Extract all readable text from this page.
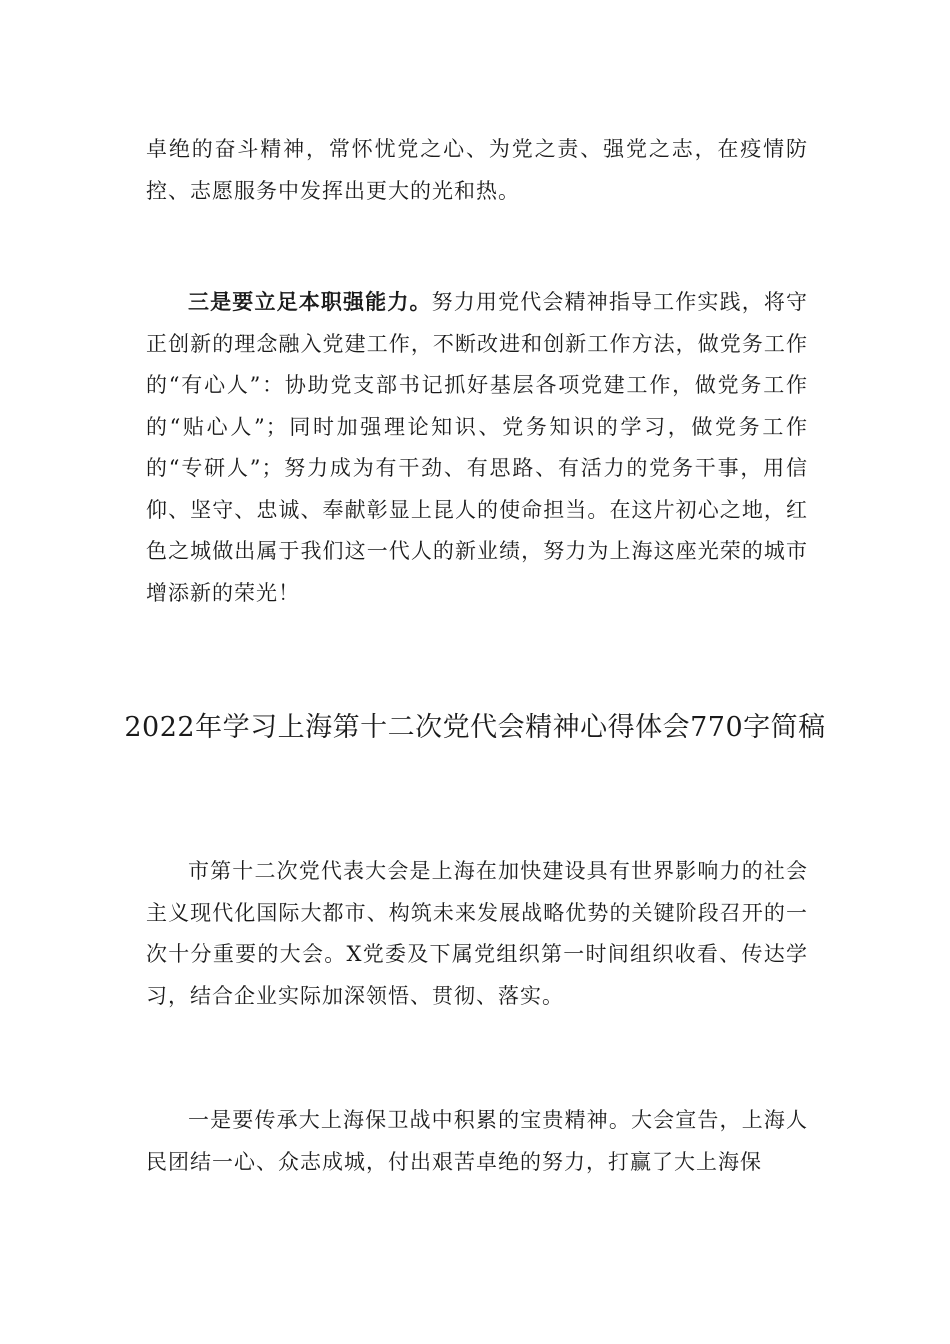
卓绝的奋斗精神，常怀忧党之心、为党之责、强党之志，在疫情防控、志愿服务中发挥出更大的光和热。

三是要立足本职强能力。努力用党代会精神指导工作实践，将守正创新的理念融入党建工作，不断改进和创新工作方法，做党务工作的“有心人”：协助党支部书记抓好基层各项党建工作，做党务工作的“贴心人”；同时加强理论知识、党务知识的学习，做党务工作的“专研人”；努力成为有干劲、有思路、有活力的党务干事，用信仰、坚守、忠诚、奉献彰显上昆人的使命担当。在这片初心之地，红色之城做出属于我们这一代人的新业绩，努力为上海这座光荣的城市增添新的荣光！

2022年学习上海第十二次党代会精神心得体会770字简稿

市第十二次党代表大会是上海在加快建设具有世界影响力的社会主义现代化国际大都市、构筑未来发展战略优势的关键阶段召开的一次十分重要的大会。X党委及下属党组织第一时间组织收看、传达学习，结合企业实际加深领悟、贯彻、落实。

一是要传承大上海保卫战中积累的宝贵精神。大会宣告，上海人民团结一心、众志成城，付出艰苦卓绝的努力，打赢了大上海保
